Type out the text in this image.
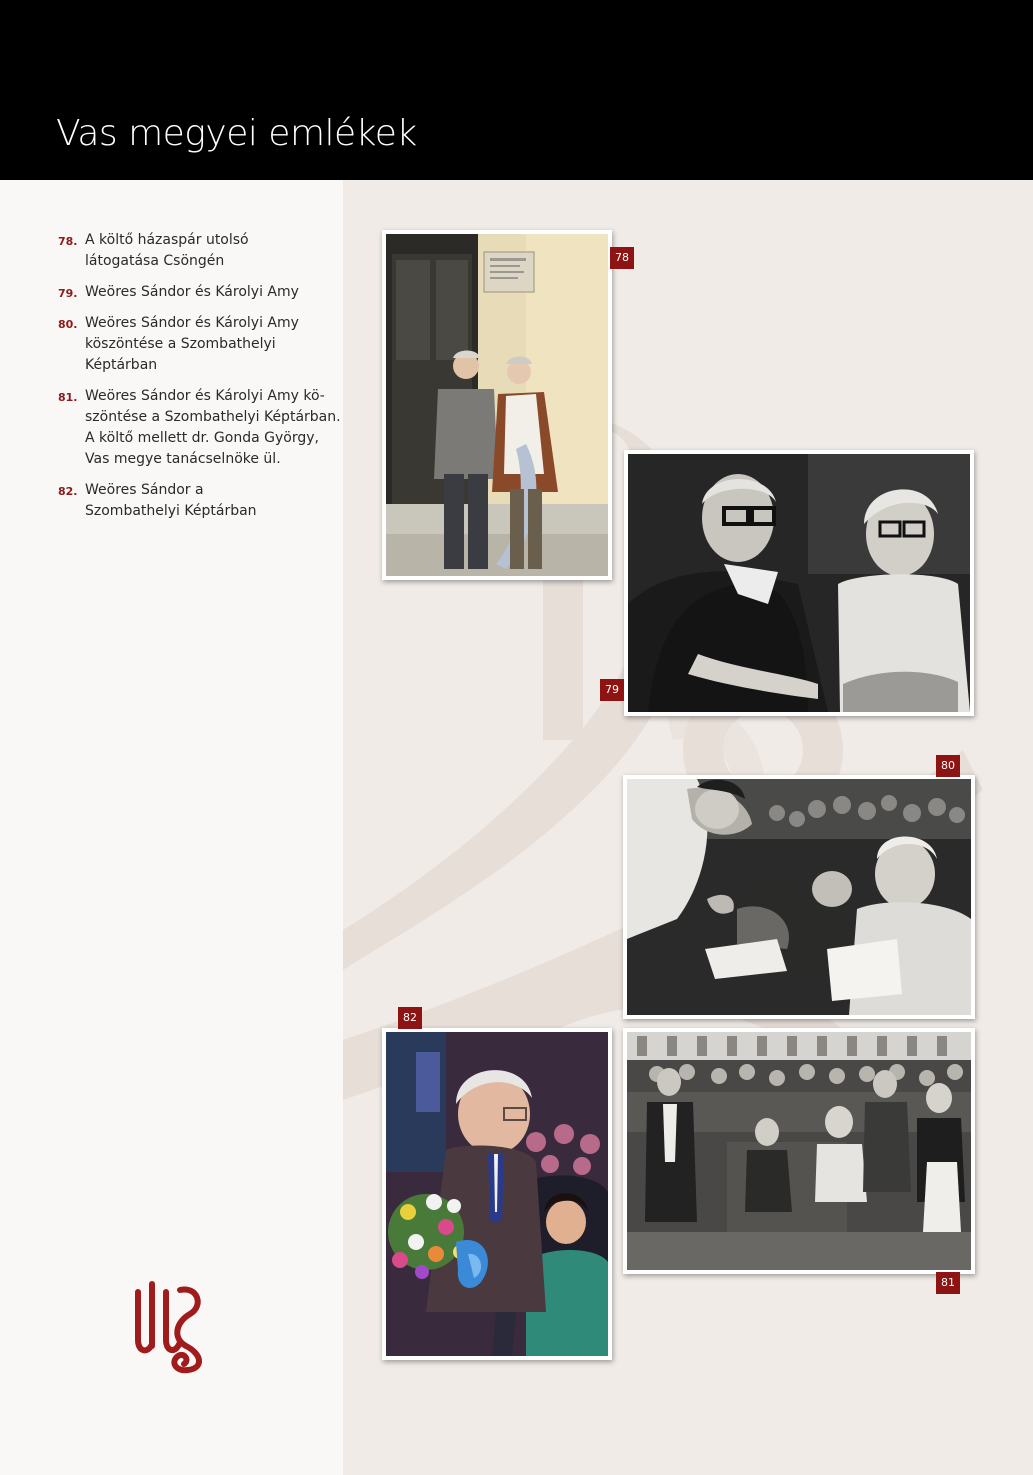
Vas megyei emlékek
78. A költő házaspár utolsó
látogatása Csöngén
79. Weöres Sándor és Károlyi Amy
80. Weöres Sándor és Károlyi Amy
köszöntése a Szombathelyi
Képtárban
81. Weöres Sándor és Károlyi Amy kö-
szöntése a Szombathelyi Képtárban.
A költő mellett dr. Gonda György,
Vas megye tanácselnöke ül.
82. Weöres Sándor a
Szombathelyi Képtárban
78
79
80
81
82
